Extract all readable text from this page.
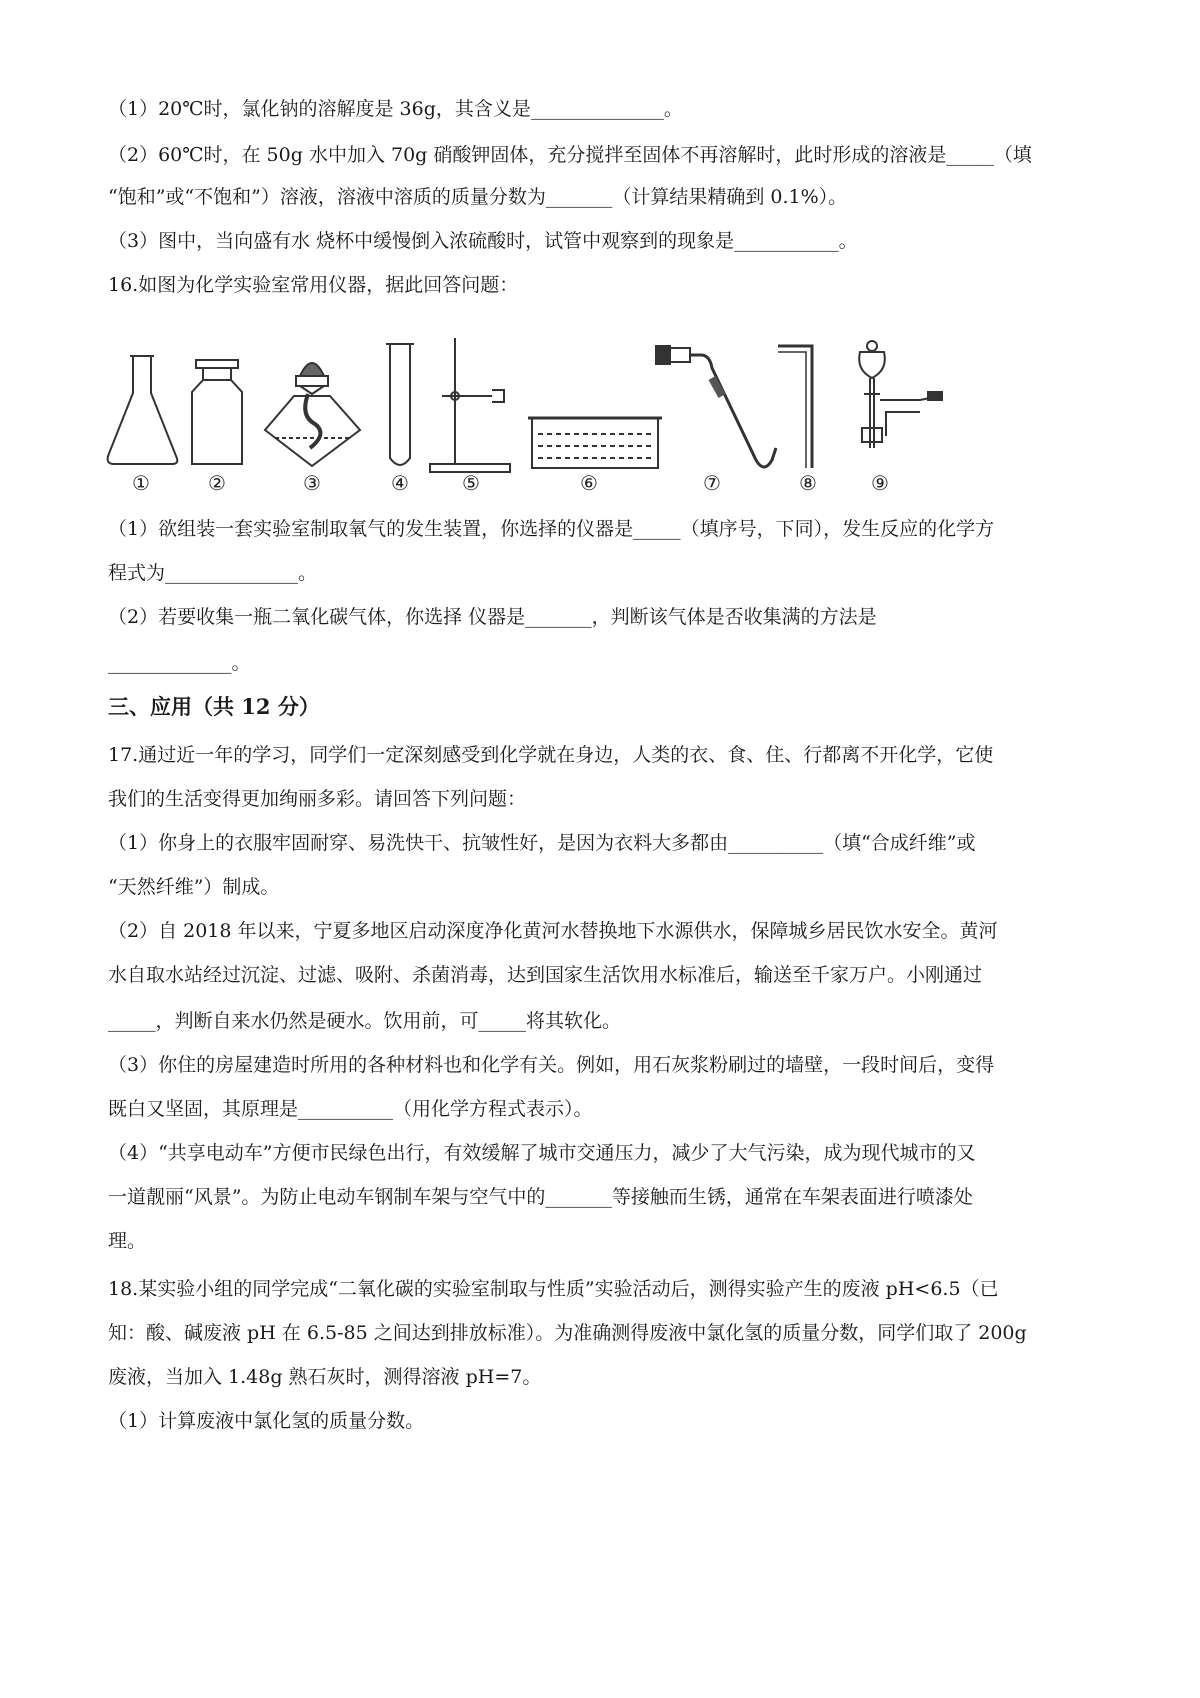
（1）20℃时，氯化钠的溶解度是 36g，其含义是______________。
（2）60℃时，在 50g 水中加入 70g 硝酸钾固体，充分搅拌至固体不再溶解时，此时形成的溶液是_____（填
“饱和”或“不饱和”）溶液，溶液中溶质的质量分数为_______（计算结果精确到 0.1%）。
（3）图中，当向盛有水 烧杯中缓慢倒入浓硫酸时，试管中观察到的现象是___________。
16.如图为化学实验室常用仪器，据此回答问题：
①	②	③	④	⑤	⑥	⑦	⑧	⑨
（1）欲组装一套实验室制取氧气的发生装置，你选择的仪器是_____（填序号，下同），发生反应的化学方
程式为______________。
（2）若要收集一瓶二氧化碳气体，你选择 仪器是_______，判断该气体是否收集满的方法是
_____________。
三、应用（共 12 分）
17.通过近一年的学习，同学们一定深刻感受到化学就在身边，人类的衣、食、住、行都离不开化学，它使
我们的生活变得更加绚丽多彩。请回答下列问题：
（1）你身上的衣服牢固耐穿、易洗快干、抗皱性好，是因为衣料大多都由__________（填“合成纤维”或
“天然纤维”）制成。
（2）自 2018 年以来，宁夏多地区启动深度净化黄河水替换地下水源供水，保障城乡居民饮水安全。黄河
水自取水站经过沉淀、过滤、吸附、杀菌消毒，达到国家生活饮用水标准后，输送至千家万户。小刚通过
_____，判断自来水仍然是硬水。饮用前，可_____将其软化。
（3）你住的房屋建造时所用的各种材料也和化学有关。例如，用石灰浆粉刷过的墙壁，一段时间后，变得
既白又坚固，其原理是__________（用化学方程式表示）。
（4）“共享电动车”方便市民绿色出行，有效缓解了城市交通压力，减少了大气污染，成为现代城市的又
一道靓丽“风景”。为防止电动车钢制车架与空气中的_______等接触而生锈，通常在车架表面进行喷漆处
理。
18.某实验小组的同学完成“二氧化碳的实验室制取与性质”实验活动后，测得实验产生的废液 pH<6.5（已
知：酸、碱废液 pH 在 6.5-85 之间达到排放标准）。为准确测得废液中氯化氢的质量分数，同学们取了 200g
废液，当加入 1.48g 熟石灰时，测得溶液 pH=7。
（1）计算废液中氯化氢的质量分数。
